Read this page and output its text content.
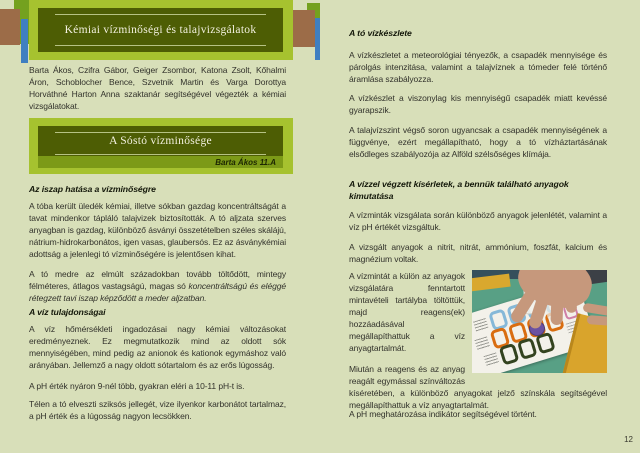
Kémiai vízminőségi és talajvizsgálatok
Barta Ákos, Czifra Gábor, Geiger Zsombor, Katona Zsolt, Kőhalmi Áron, Schoblocher Bence, Szvetnik Martin és Varga Dorottya Horváthné Harton Anna szaktanár segítségével végezték a kémiai vizsgálatokat.
A Sóstó vízminősége
Barta Ákos 11.A
Az iszap hatása a vízminőségre
A tóba került üledék kémiai, illetve sókban gazdag koncentráltságát a tavat mindenkor tápláló talajvizek biztosították. A tó aljzata szerves anyagban is gazdag, különböző ásványi összetételben széles skálájú, nátrium-hidrokarbonátos, igen vasas, glaubersós. Ez az ásványkémiai adottság a jelenlegi tó vízminőségére is jelentősen kihat.
A tó medre az elmúlt századokban tovább töltődött, mintegy félméteres, átlagos vastagságú, magas só koncentráltságú és eléggé rétegzett tavi iszap képződött a meder aljzatban.
A víz tulajdonságai
A víz hőmérsékleti ingadozásai nagy kémiai változásokat eredményeznek. Ez megmutatkozik mind az oldott sók mennyiségében, mind pedig az anionok és kationok egymáshoz való arányában. Jellemző a nagy oldott sótartalom és az erős lúgosság.
A pH érték nyáron 9-nél több, gyakran eléri a 10-11 pH-t is.
Télen a tó elveszti sziksós jellegét, vize ilyenkor karbonátot tartalmaz, a pH érték és a lúgosság nagyon lecsökken.
A tó vízkészlete
A vízkészletet a meteorológiai tényezők, a csapadék mennyisége és párolgás intenzitása, valamint a talajvíznek a tómeder felé történő áramlása szabályozza.
A vízkészlet a viszonylag kis mennyiségű csapadék miatt kevéssé gyarapszik.
A talajvízszint végső soron ugyancsak a csapadék mennyiségének a függvénye, ezért megállapítható, hogy a tó vízháztartásának elsődleges szabályozója az Alföld szélsőséges klímája.
A vízzel végzett kísérletek, a bennük található anyagok kimutatása
A vízminták vizsgálata során különböző anyagok jelenlétét, valamint a víz pH értékét vizsgáltuk.
A vizsgált anyagok a nitrit, nitrát, ammónium, foszfát, kalcium és magnézium voltak.

A vízmintát a külön az anyagok vizsgálatára fenntartott mintavételi tartályba töltöttük, majd reagens(ek) hozzáadásával megállapíthattuk a víz anyagtartalmát.

Miután a reagens és az anyag reagált egymással színváltozás kíséretében, a különböző anyagokat jelző színskála segítségével megállapíthattuk a víz anyagtartalmát.

A pH meghatározása indikátor segítségével történt.
12
